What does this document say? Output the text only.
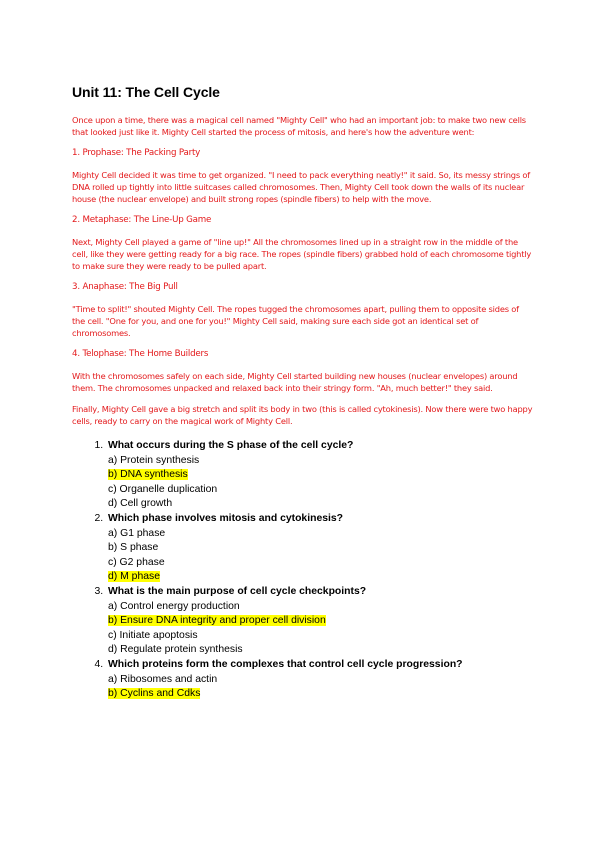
Unit 11: The Cell Cycle

Once upon a time, there was a magical cell named "Mighty Cell" who had an important job: to make two new cells that looked just like it. Mighty Cell started the process of mitosis, and here's how the adventure went:

1. Prophase: The Packing Party

Mighty Cell decided it was time to get organized. "I need to pack everything neatly!" it said. So, its messy strings of DNA rolled up tightly into little suitcases called chromosomes. Then, Mighty Cell took down the walls of its nuclear house (the nuclear envelope) and built strong ropes (spindle fibers) to help with the move.

2. Metaphase: The Line-Up Game

Next, Mighty Cell played a game of "line up!" All the chromosomes lined up in a straight row in the middle of the cell, like they were getting ready for a big race. The ropes (spindle fibers) grabbed hold of each chromosome tightly to make sure they were ready to be pulled apart.

3. Anaphase: The Big Pull

"Time to split!" shouted Mighty Cell. The ropes tugged the chromosomes apart, pulling them to opposite sides of the cell. "One for you, and one for you!" Mighty Cell said, making sure each side got an identical set of chromosomes.

4. Telophase: The Home Builders

With the chromosomes safely on each side, Mighty Cell started building new houses (nuclear envelopes) around them. The chromosomes unpacked and relaxed back into their stringy form. "Ah, much better!" they said.

Finally, Mighty Cell gave a big stretch and split its body in two (this is called cytokinesis). Now there were two happy cells, ready to carry on the magical work of Mighty Cell.

1. What occurs during the S phase of the cell cycle?
a) Protein synthesis
b) DNA synthesis
c) Organelle duplication
d) Cell growth
2. Which phase involves mitosis and cytokinesis?
a) G1 phase
b) S phase
c) G2 phase
d) M phase
3. What is the main purpose of cell cycle checkpoints?
a) Control energy production
b) Ensure DNA integrity and proper cell division
c) Initiate apoptosis
d) Regulate protein synthesis
4. Which proteins form the complexes that control cell cycle progression?
a) Ribosomes and actin
b) Cyclins and Cdks
